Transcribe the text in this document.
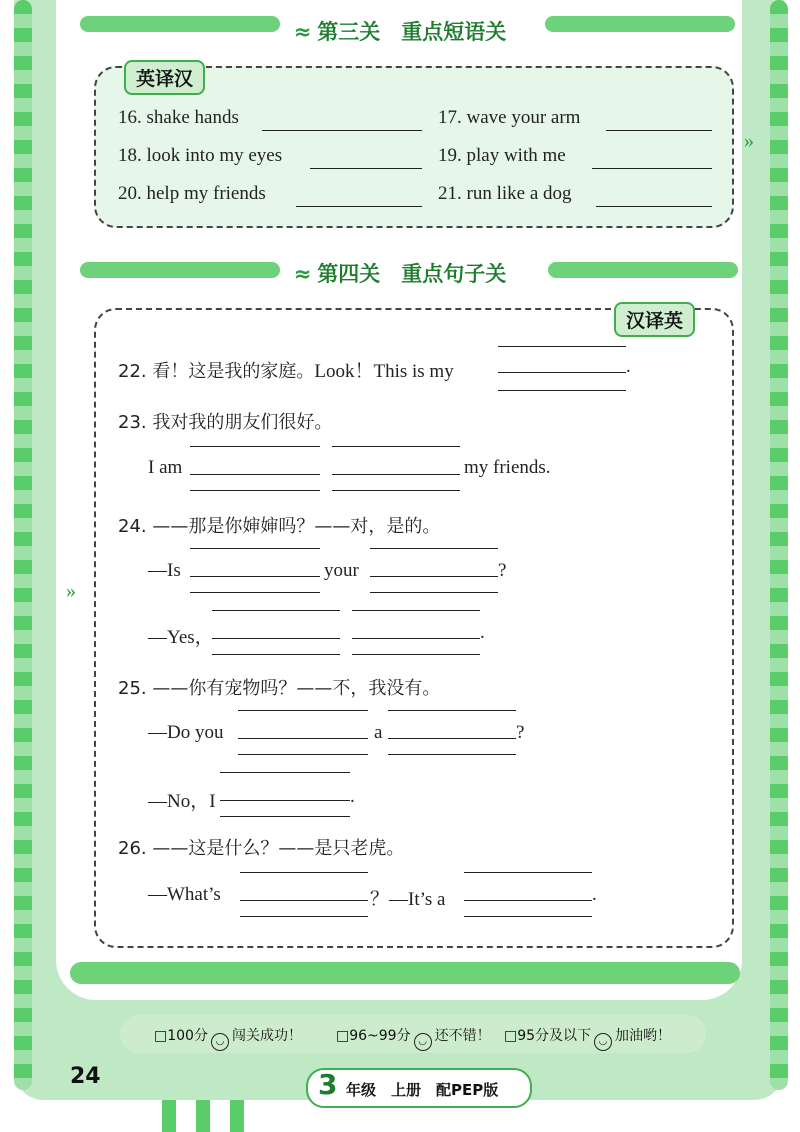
≈ 第三关　重点短语关
英译汉
16. shake hands	17. wave your arm
18. look into my eyes	19. play with me
20. help my friends	21. run like a dog
»
≈ 第四关　重点句子关
汉译英
22. 看！这是我的家庭。Look！This is my	.
23. 我对我的朋友们很好。
I am	my friends.
24. ——那是你婶婶吗？——对，是的。
—Is	your	?
—Yes，	.
»
25. ——你有宠物吗？——不，我没有。
—Do you	a	?
—No，I	.
26. ——这是什么？——是只老虎。
—What’s	？—It’s a	.
□100分 ◡ 闯关成功！ □96~99分 ◡ 还不错！ □95分及以下 ◡ 加油哟！
24	3 年级　上册　配PEP版
